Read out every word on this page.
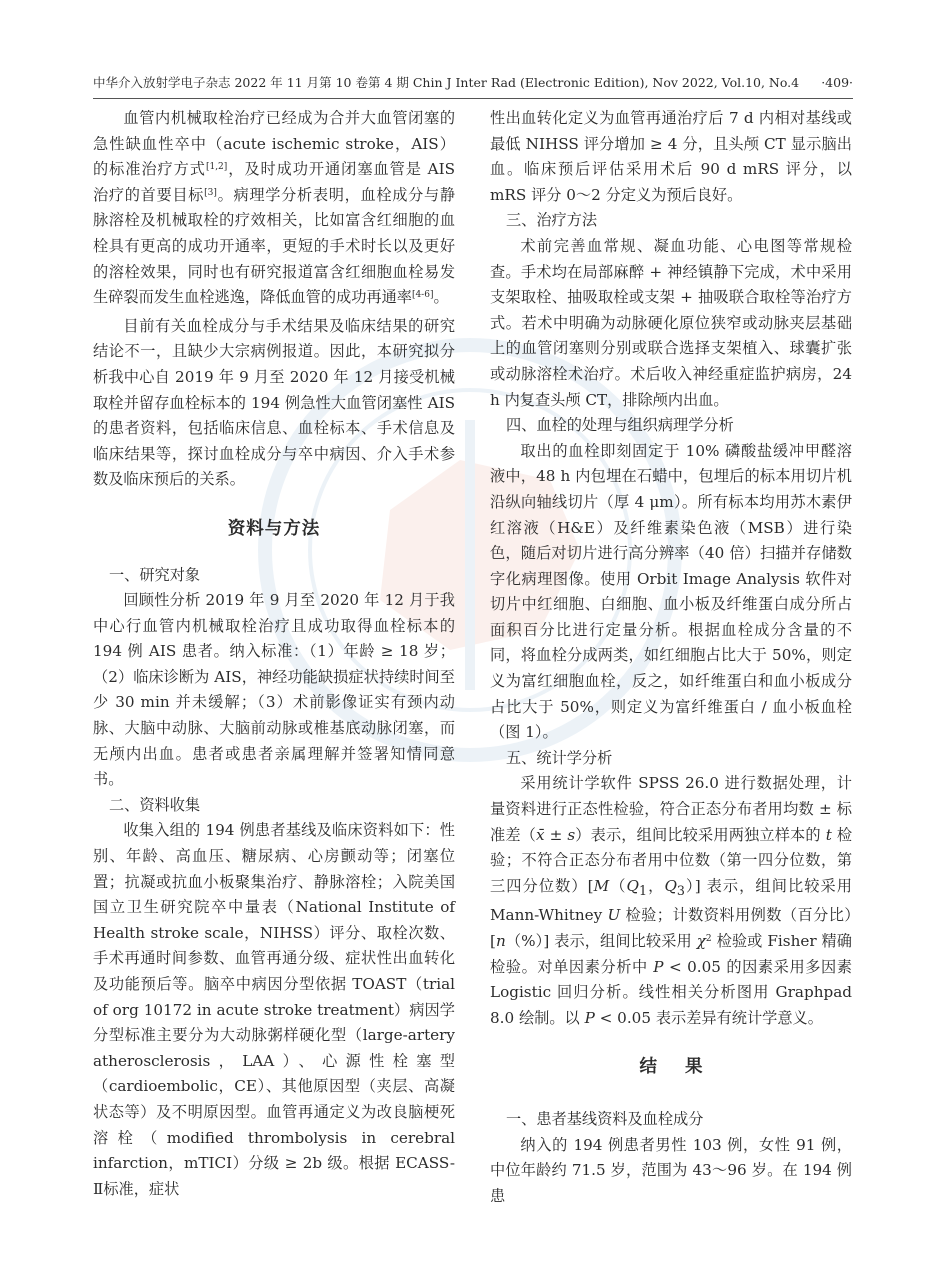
中华介入放射学电子杂志 2022 年 11 月第 10 卷第 4 期 Chin J Inter Rad (Electronic Edition), Nov 2022, Vol.10, No.4 ·409·

血管内机械取栓治疗已经成为合并大血管闭塞的急性缺血性卒中（acute ischemic stroke，AIS）的标准治疗方式[1,2]，及时成功开通闭塞血管是 AIS 治疗的首要目标[3]。病理学分析表明，血栓成分与静脉溶栓及机械取栓的疗效相关，比如富含红细胞的血栓具有更高的成功开通率，更短的手术时长以及更好的溶栓效果，同时也有研究报道富含红细胞血栓易发生碎裂而发生血栓逃逸，降低血管的成功再通率[4-6]。

目前有关血栓成分与手术结果及临床结果的研究结论不一，且缺少大宗病例报道。因此，本研究拟分析我中心自 2019 年 9 月至 2020 年 12 月接受机械取栓并留存血栓标本的 194 例急性大血管闭塞性 AIS 的患者资料，包括临床信息、血栓标本、手术信息及临床结果等，探讨血栓成分与卒中病因、介入手术参数及临床预后的关系。

资料与方法

一、研究对象

回顾性分析 2019 年 9 月至 2020 年 12 月于我中心行血管内机械取栓治疗且成功取得血栓标本的 194 例 AIS 患者。纳入标准：（1）年龄 ≥ 18 岁；（2）临床诊断为 AIS，神经功能缺损症状持续时间至少 30 min 并未缓解；（3）术前影像证实有颈内动脉、大脑中动脉、大脑前动脉或椎基底动脉闭塞，而无颅内出血。患者或患者亲属理解并签署知情同意书。

二、资料收集

收集入组的 194 例患者基线及临床资料如下：性别、年龄、高血压、糖尿病、心房颤动等；闭塞位置；抗凝或抗血小板聚集治疗、静脉溶栓；入院美国国立卫生研究院卒中量表（National Institute of Health stroke scale，NIHSS）评分、取栓次数、手术再通时间参数、血管再通分级、症状性出血转化及功能预后等。脑卒中病因分型依据 TOAST（trial of org 10172 in acute stroke treatment）病因学分型标准主要分为大动脉粥样硬化型（large-artery atherosclerosis，LAA）、心源性栓塞型（cardioembolic，CE）、其他原因型（夹层、高凝状态等）及不明原因型。血管再通定义为改良脑梗死溶栓（modified thrombolysis in cerebral infarction，mTICI）分级 ≥ 2b 级。根据 ECASS- Ⅱ标准，症状

性出血转化定义为血管再通治疗后 7 d 内相对基线或最低 NIHSS 评分增加 ≥ 4 分，且头颅 CT 显示脑出血。临床预后评估采用术后 90 d mRS 评分，以 mRS 评分 0～2 分定义为预后良好。

三、治疗方法

术前完善血常规、凝血功能、心电图等常规检查。手术均在局部麻醉 + 神经镇静下完成，术中采用支架取栓、抽吸取栓或支架 + 抽吸联合取栓等治疗方式。若术中明确为动脉硬化原位狭窄或动脉夹层基础上的血管闭塞则分别或联合选择支架植入、球囊扩张或动脉溶栓术治疗。术后收入神经重症监护病房，24 h 内复查头颅 CT，排除颅内出血。

四、血栓的处理与组织病理学分析

取出的血栓即刻固定于 10% 磷酸盐缓冲甲醛溶液中，48 h 内包埋在石蜡中，包埋后的标本用切片机沿纵向轴线切片（厚 4 μm）。所有标本均用苏木素伊红溶液（H&E）及纤维素染色液（MSB）进行染色，随后对切片进行高分辨率（40 倍）扫描并存储数字化病理图像。使用 Orbit Image Analysis 软件对切片中红细胞、白细胞、血小板及纤维蛋白成分所占面积百分比进行定量分析。根据血栓成分含量的不同，将血栓分成两类，如红细胞占比大于 50%，则定义为富红细胞血栓，反之，如纤维蛋白和血小板成分占比大于 50%，则定义为富纤维蛋白 / 血小板血栓（图 1）。

五、统计学分析

采用统计学软件 SPSS 26.0 进行数据处理，计量资料进行正态性检验，符合正态分布者用均数 ± 标准差（x̄ ± s）表示，组间比较采用两独立样本的 t 检验；不符合正态分布者用中位数（第一四分位数，第三四分位数）[$M(Q_1$，$Q_3$）] 表示，组间比较采用 Mann-Whitney U 检验；计数资料用例数（百分比）[n（%）] 表示，组间比较采用 $\chi^2$ 检验或 Fisher 精确检验。对单因素分析中 P < 0.05 的因素采用多因素 Logistic 回归分析。线性相关分析图用 Graphpad 8.0 绘制。以 P < 0.05 表示差异有统计学意义。

结果

一、患者基线资料及血栓成分

纳入的 194 例患者男性 103 例，女性 91 例，中位年龄约 71.5 岁，范围为 43～96 岁。在 194 例患
